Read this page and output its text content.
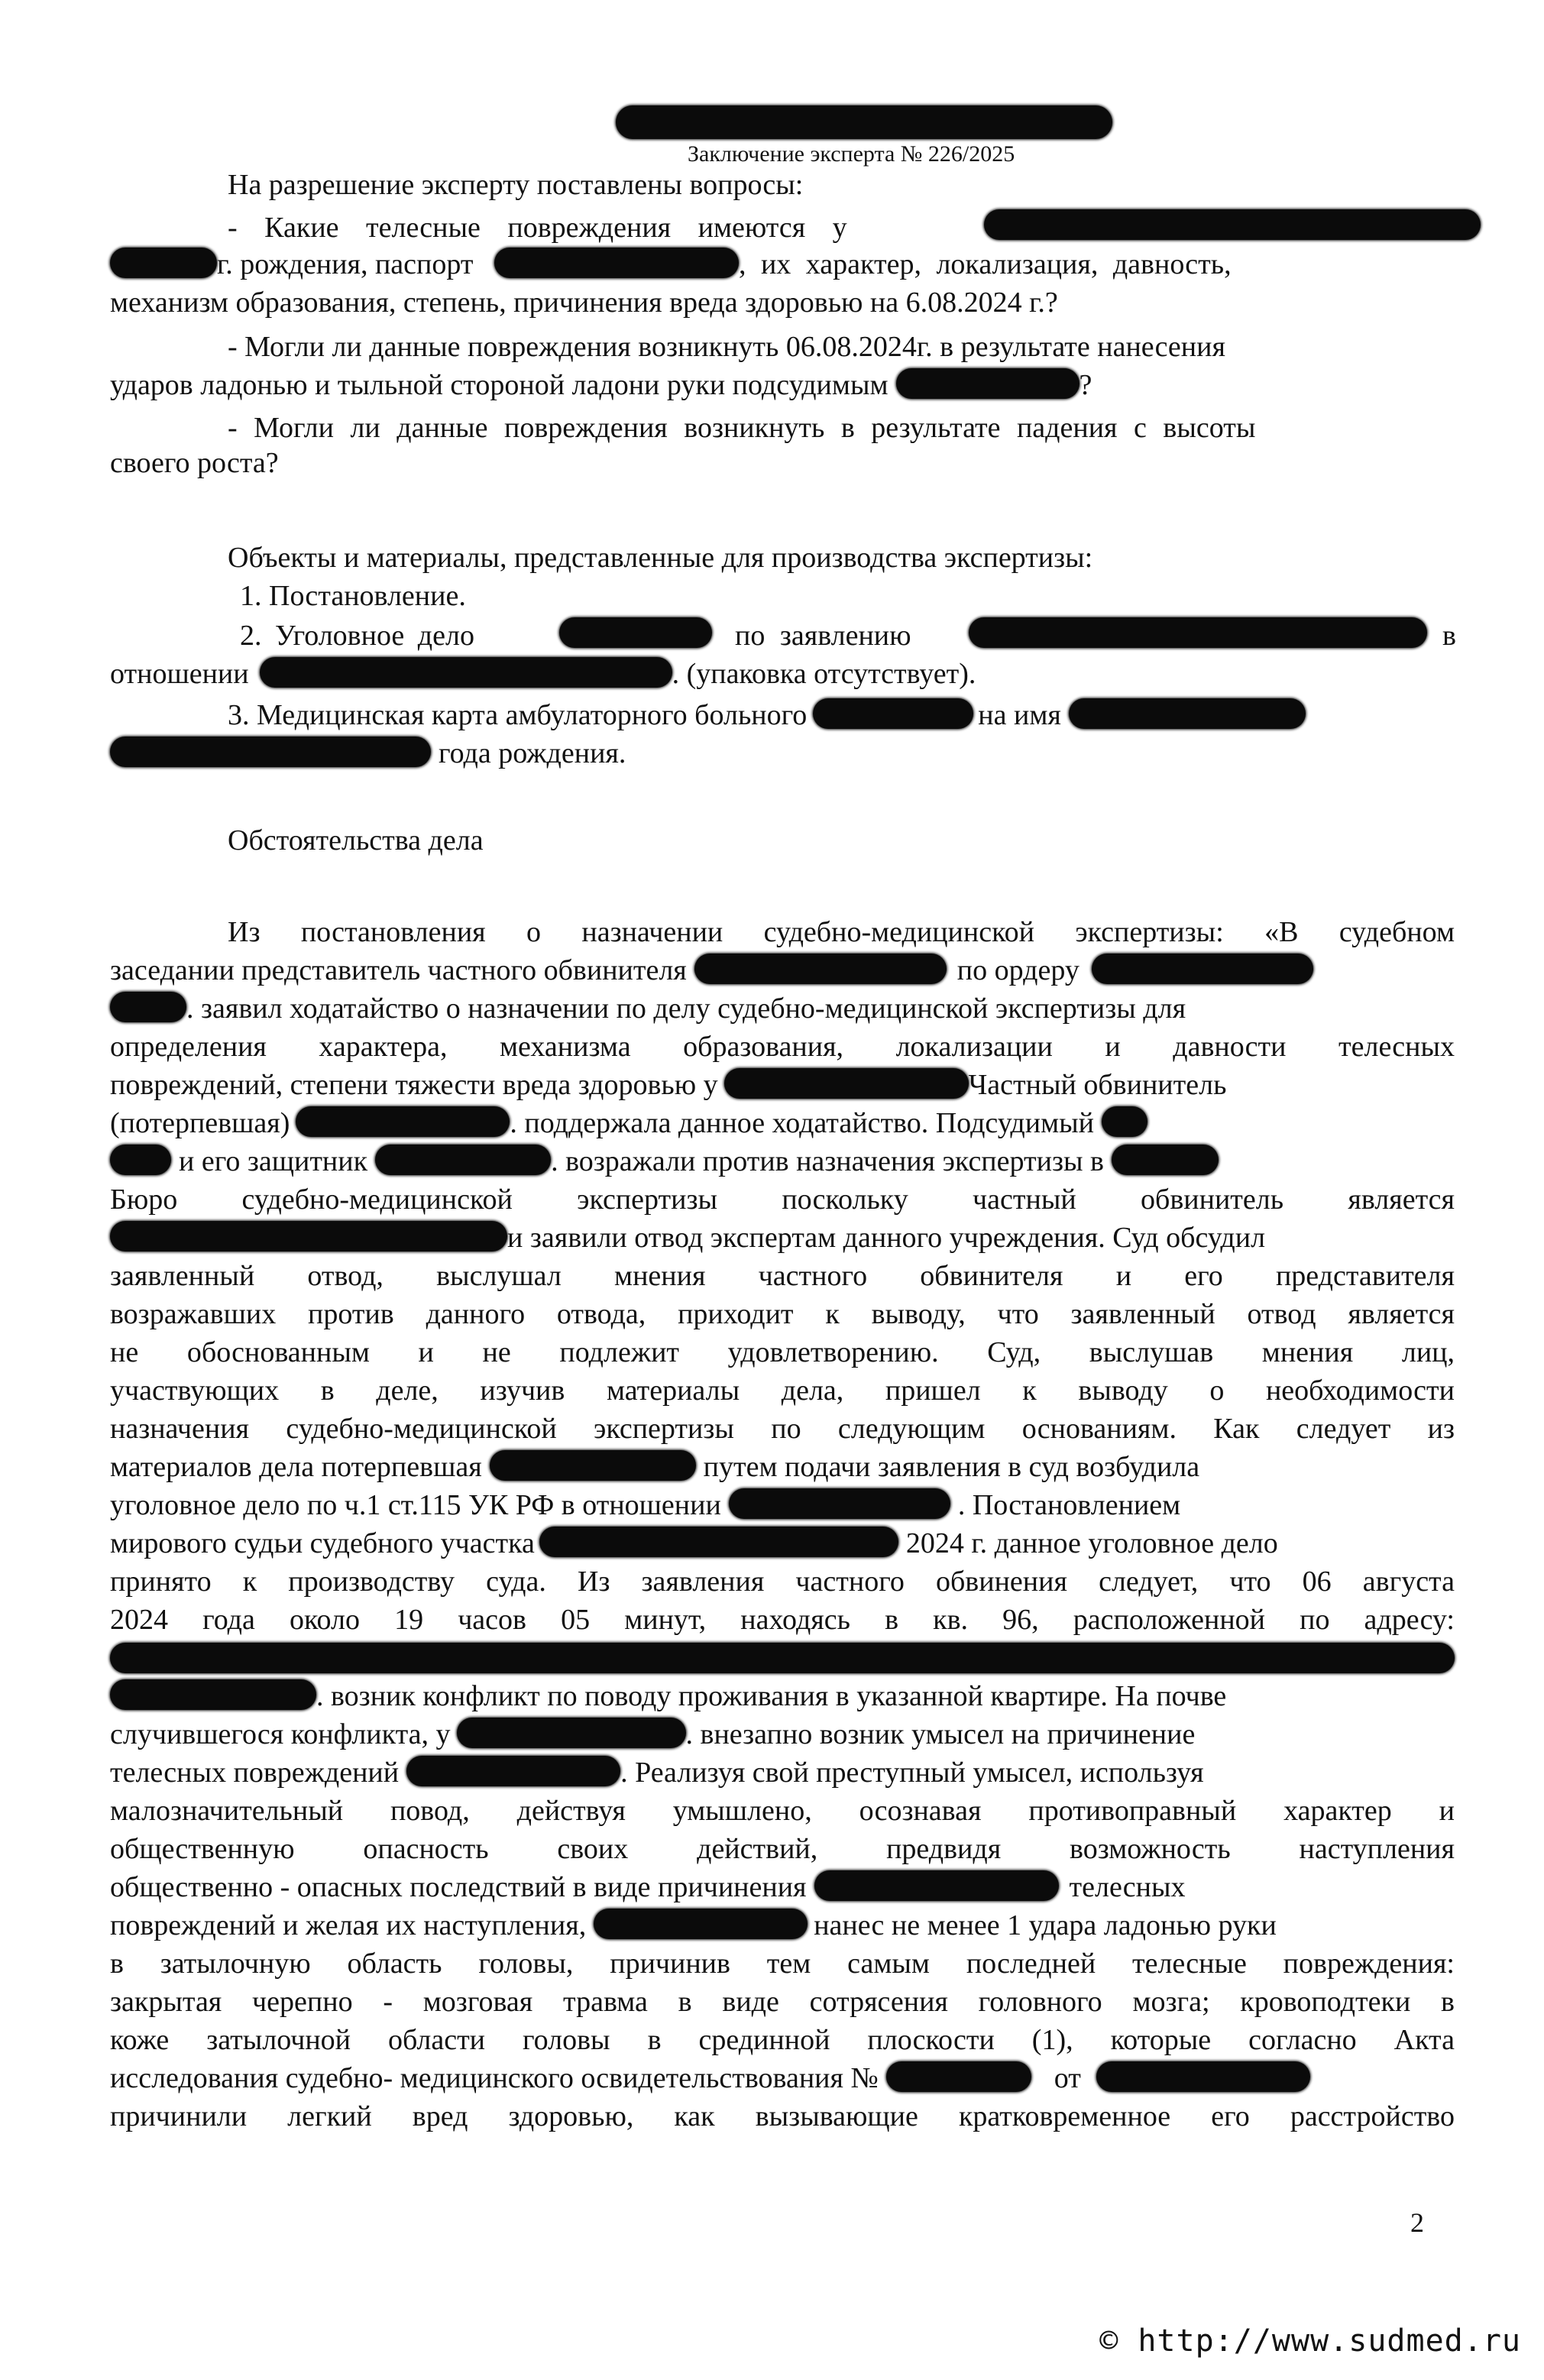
Заключение эксперта № 226/2025
На разрешение эксперту поставлены вопросы:
- Какие телесные повреждения имеются у
г. рождения, паспорт	, их характер, локализация, давность,
механизм образования, степень, причинения вреда здоровью на 6.08.2024 г.?
- Могли ли данные повреждения возникнуть 06.08.2024г. в результате нанесения
ударов ладонью и тыльной стороной ладони руки подсудимым	?
- Могли ли данные повреждения возникнуть в результате падения с высоты
своего роста?
Объекты и материалы, представленные для производства экспертизы:
1. Постановление.
2. Уголовное дело	по заявлению	в
отношении	. (упаковка отсутствует).
3. Медицинская карта амбулаторного больного	на имя
года рождения.
Обстоятельства дела
Из постановления о назначении судебно-медицинской экспертизы: «В судебном
заседании представитель частного обвинителя	по ордеру
. заявил ходатайство о назначении по делу судебно-медицинской экспертизы для
определения характера, механизма образования, локализации и давности телесных
повреждений, степени тяжести вреда здоровью у	Частный обвинитель
(потерпевшая)	. поддержала данное ходатайство. Подсудимый
и его защитник	. возражали против назначения экспертизы в
Бюро судебно-медицинской экспертизы поскольку частный обвинитель является
и заявили отвод экспертам данного учреждения. Суд обсудил
заявленный отвод, выслушал мнения частного обвинителя и его представителя
возражавших против данного отвода, приходит к выводу, что заявленный отвод является
не обоснованным и не подлежит удовлетворению. Суд, выслушав мнения лиц,
участвующих в деле, изучив материалы дела, пришел к выводу о необходимости
назначения судебно-медицинской экспертизы по следующим основаниям. Как следует из
материалов дела потерпевшая	путем подачи заявления в суд возбудила
уголовное дело по ч.1 ст.115 УК РФ в отношении	. Постановлением
мирового судьи судебного участка	2024 г. данное уголовное дело
принято к производству суда. Из заявления частного обвинения следует, что 06 августа
2024 года около 19 часов 05 минут, находясь в кв. 96, расположенной по адресу:
. возник конфликт по поводу проживания в указанной квартире. На почве
случившегося конфликта, у	. внезапно возник умысел на причинение
телесных повреждений	. Реализуя свой преступный умысел, используя
малозначительный повод, действуя умышлено, осознавая противоправный характер и
общественную опасность своих действий, предвидя возможность наступления
общественно - опасных последствий в виде причинения	телесных
повреждений и желая их наступления,	нанес не менее 1 удара ладонью руки
в затылочную область головы, причинив тем самым последней телесные повреждения:
закрытая черепно - мозговая травма в виде сотрясения головного мозга; кровоподтеки в
коже затылочной области головы в срединной плоскости (1), которые согласно Акта
исследования судебно- медицинского освидетельствования №	от
причинили легкий вред здоровью, как вызывающие кратковременное его расстройство
2
© http://www.sudmed.ru
